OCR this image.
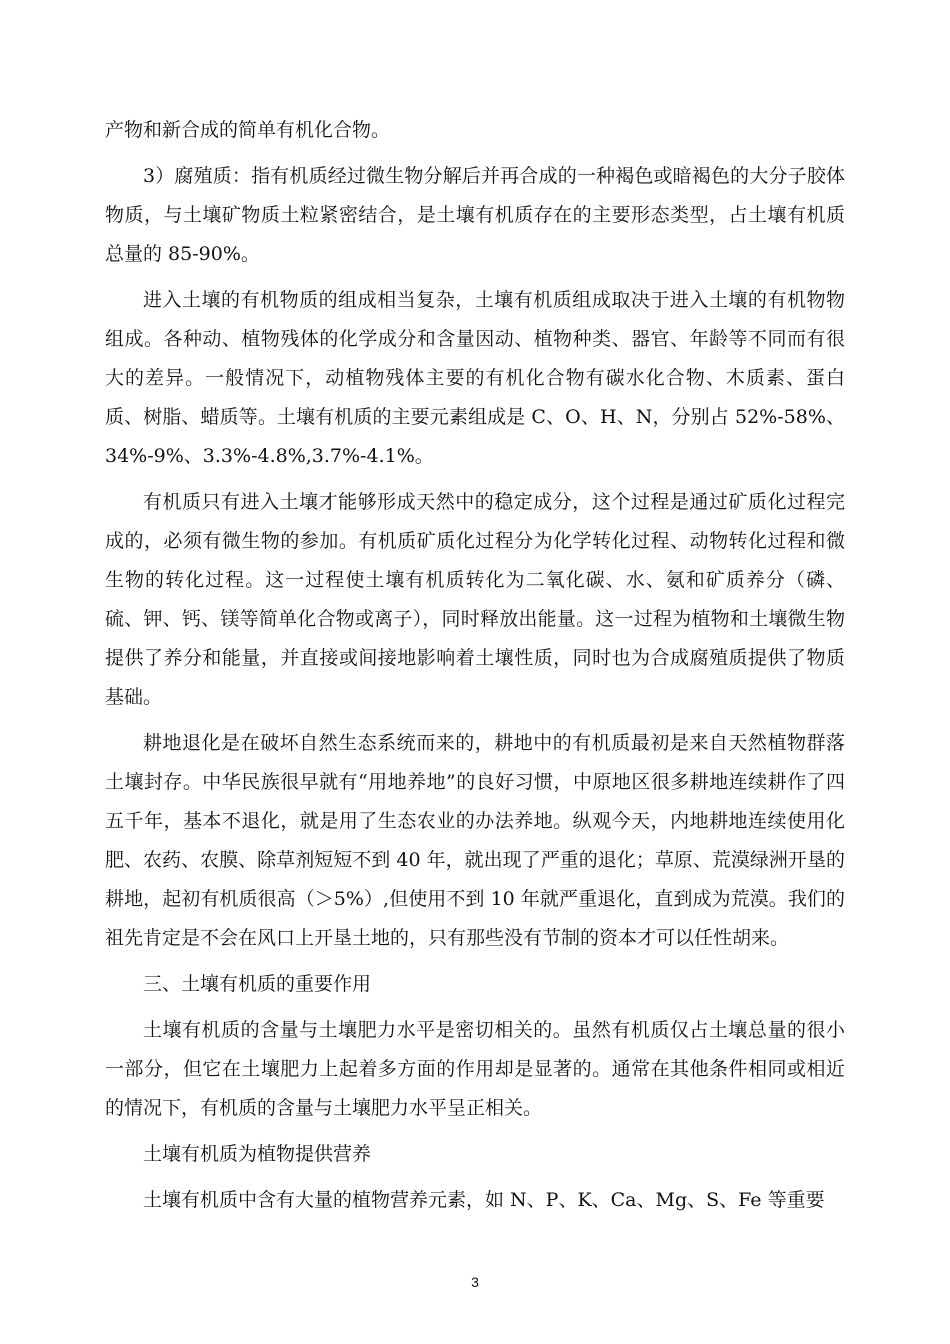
产物和新合成的简单有机化合物。

3）腐殖质：指有机质经过微生物分解后并再合成的一种褐色或暗褐色的大分子胶体物质，与土壤矿物质土粒紧密结合，是土壤有机质存在的主要形态类型，占土壤有机质总量的 85-90%。

进入土壤的有机物质的组成相当复杂，土壤有机质组成取决于进入土壤的有机物物组成。各种动、植物残体的化学成分和含量因动、植物种类、器官、年龄等不同而有很大的差异。一般情况下，动植物残体主要的有机化合物有碳水化合物、木质素、蛋白质、树脂、蜡质等。土壤有机质的主要元素组成是 C、O、H、N，分别占 52%-58%、34%-9%、3.3%-4.8%,3.7%-4.1%。

有机质只有进入土壤才能够形成天然中的稳定成分，这个过程是通过矿质化过程完成的，必须有微生物的参加。有机质矿质化过程分为化学转化过程、动物转化过程和微生物的转化过程。这一过程使土壤有机质转化为二氧化碳、水、氨和矿质养分（磷、硫、钾、钙、镁等简单化合物或离子），同时释放出能量。这一过程为植物和土壤微生物提供了养分和能量，并直接或间接地影响着土壤性质，同时也为合成腐殖质提供了物质基础。

耕地退化是在破坏自然生态系统而来的，耕地中的有机质最初是来自天然植物群落土壤封存。中华民族很早就有“用地养地”的良好习惯，中原地区很多耕地连续耕作了四五千年，基本不退化，就是用了生态农业的办法养地。纵观今天，内地耕地连续使用化肥、农药、农膜、除草剂短短不到 40 年，就出现了严重的退化；草原、荒漠绿洲开垦的耕地，起初有机质很高（＞5%）,但使用不到 10 年就严重退化，直到成为荒漠。我们的祖先肯定是不会在风口上开垦土地的，只有那些没有节制的资本才可以任性胡来。

三、土壤有机质的重要作用

土壤有机质的含量与土壤肥力水平是密切相关的。虽然有机质仅占土壤总量的很小一部分，但它在土壤肥力上起着多方面的作用却是显著的。通常在其他条件相同或相近的情况下，有机质的含量与土壤肥力水平呈正相关。

土壤有机质为植物提供营养

土壤有机质中含有大量的植物营养元素，如 N、P、K、Ca、Mg、S、Fe 等重要

3
